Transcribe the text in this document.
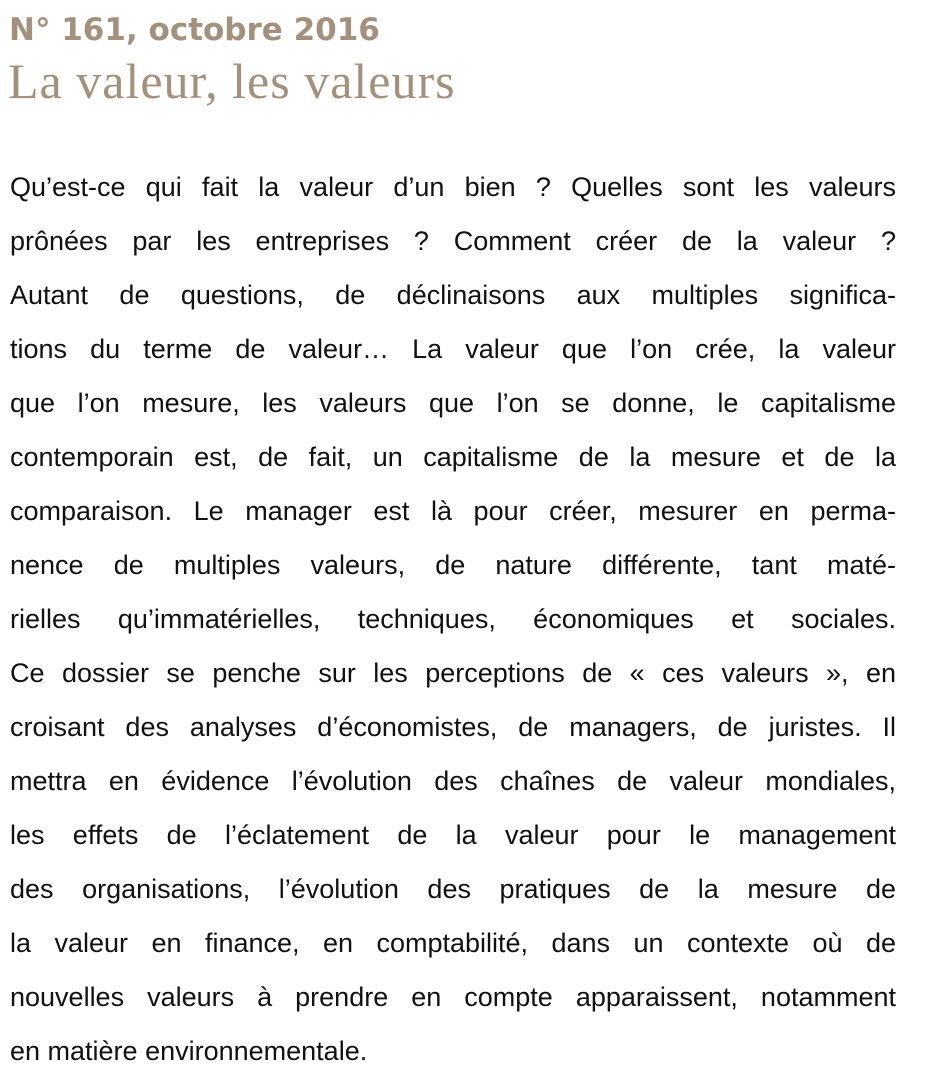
N° 161, octobre 2016
La valeur, les valeurs
Qu’est-ce qui fait la valeur d’un bien ? Quelles sont les valeurs
prônées par les entreprises ? Comment créer de la valeur ?
Autant de questions, de déclinaisons aux multiples significa-
tions du terme de valeur… La valeur que l’on crée, la valeur
que l’on mesure, les valeurs que l’on se donne, le capitalisme
contemporain est, de fait, un capitalisme de la mesure et de la
comparaison. Le manager est là pour créer, mesurer en perma-
nence de multiples valeurs, de nature différente, tant maté-
rielles qu’immatérielles, techniques, économiques et sociales.
Ce dossier se penche sur les perceptions de « ces valeurs », en
croisant des analyses d’économistes, de managers, de juristes. Il
mettra en évidence l’évolution des chaînes de valeur mondiales,
les effets de l’éclatement de la valeur pour le management
des organisations, l’évolution des pratiques de la mesure de
la valeur en finance, en comptabilité, dans un contexte où de
nouvelles valeurs à prendre en compte apparaissent, notamment
en matière environnementale.
